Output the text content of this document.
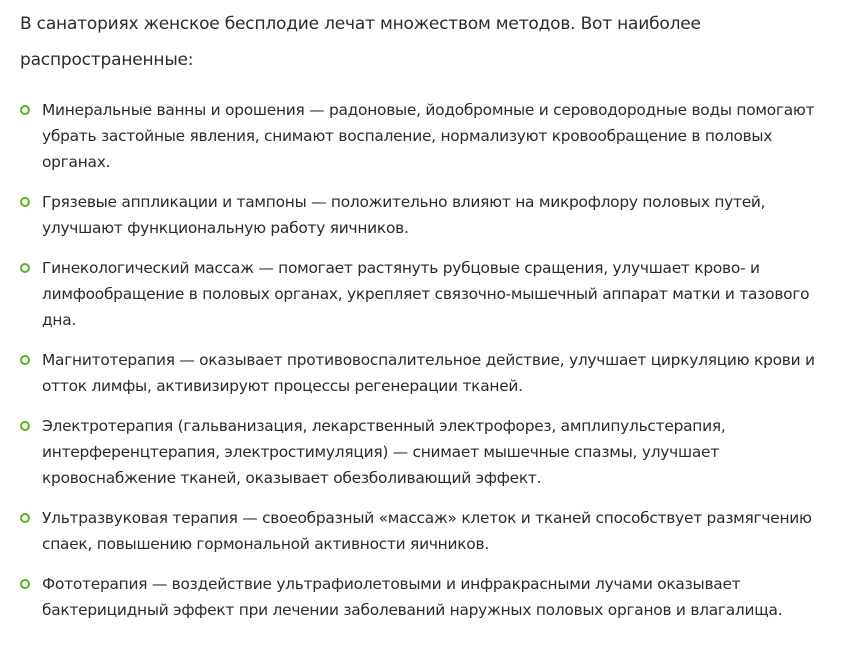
В санаториях женское бесплодие лечат множеством методов. Вот наиболее распространенные:

Минеральные ванны и орошения — радоновые, йодобромные и сероводородные воды помогают убрать застойные явления, снимают воспаление, нормализуют кровообращение в половых органах.
Грязевые аппликации и тампоны — положительно влияют на микрофлору половых путей, улучшают функциональную работу яичников.
Гинекологический массаж — помогает растянуть рубцовые сращения, улучшает крово- и лимфообращение в половых органах, укрепляет связочно-мышечный аппарат матки и тазового дна.
Магнитотерапия — оказывает противовоспалительное действие, улучшает циркуляцию крови и отток лимфы, активизируют процессы регенерации тканей.
Электротерапия (гальванизация, лекарственный электрофорез, амплипульстерапия, интерференцтерапия, электростимуляция) — снимает мышечные спазмы, улучшает кровоснабжение тканей, оказывает обезболивающий эффект.
Ультразвуковая терапия — своеобразный «массаж» клеток и тканей способствует размягчению спаек, повышению гормональной активности яичников.
Фототерапия — воздействие ультрафиолетовыми и инфракрасными лучами оказывает бактерицидный эффект при лечении заболеваний наружных половых органов и влагалища.
